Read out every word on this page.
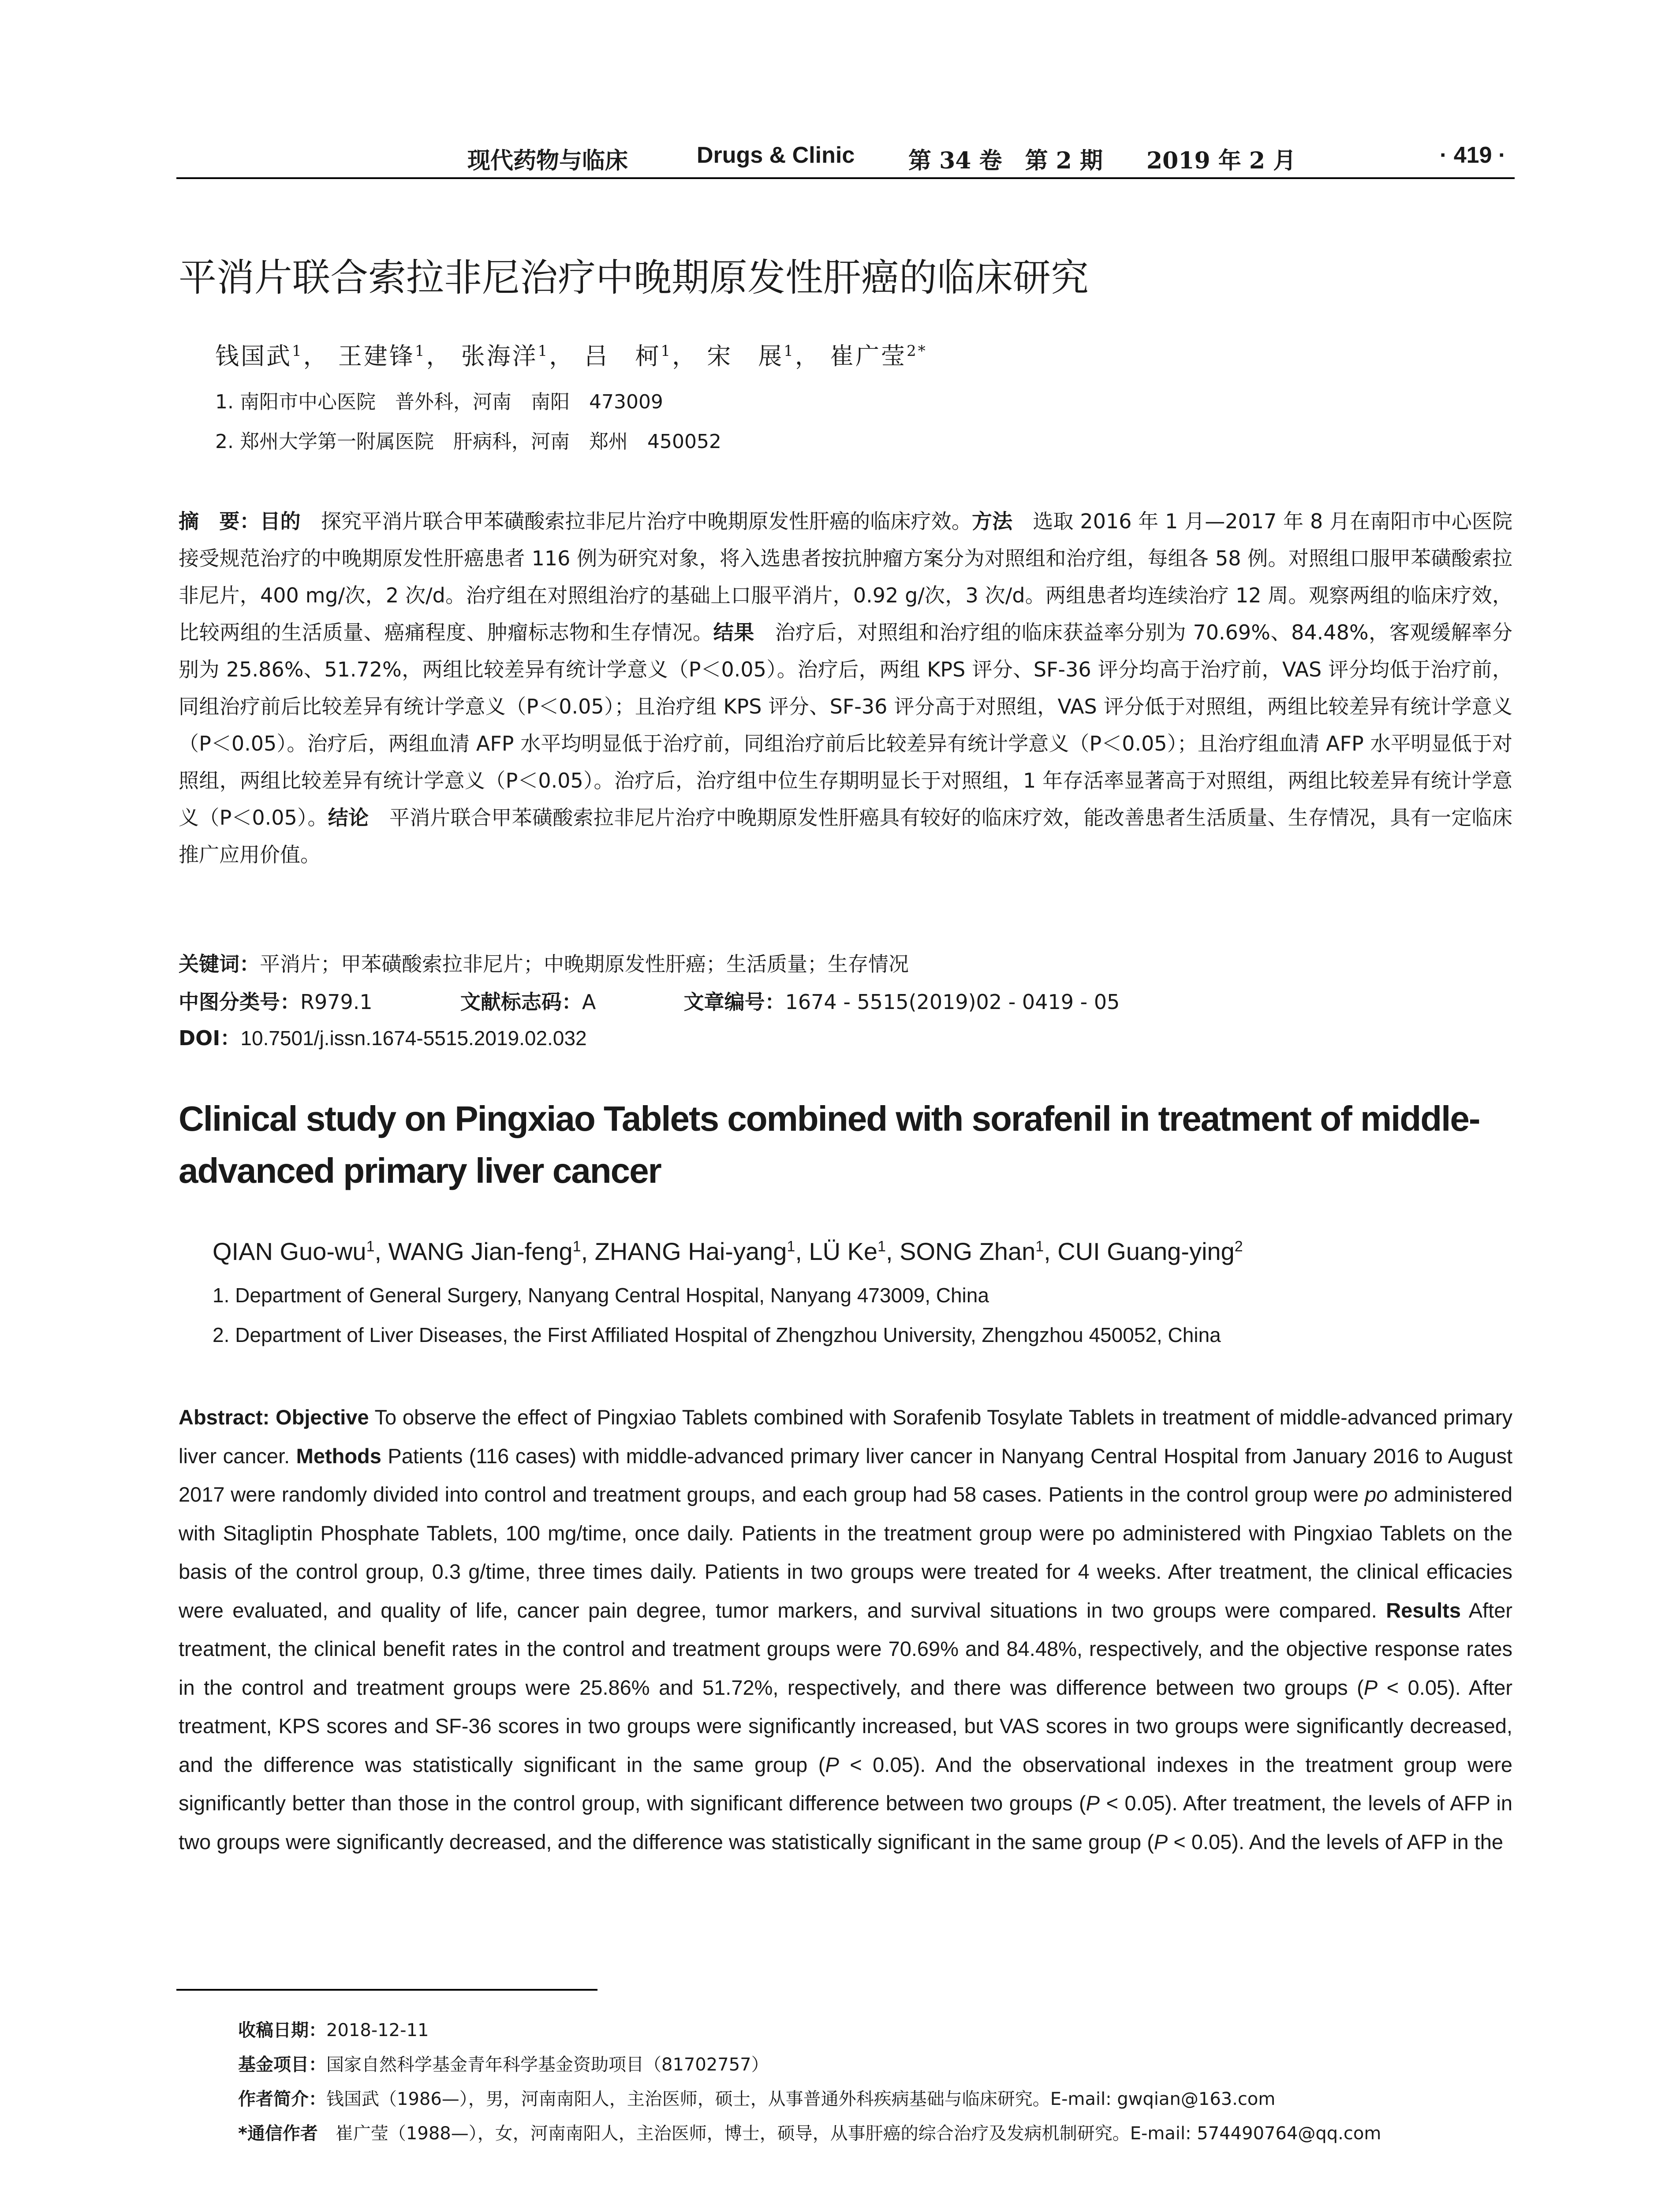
现代药物与临床	Drugs & Clinic 第 34 卷　第 2 期 2019 年 2 月	· 419 ·
平消片联合索拉非尼治疗中晚期原发性肝癌的临床研究
钱国武$^1$， 王建锋$^1$， 张海洋$^1$， 吕　柯$^1$， 宋　展$^1$， 崔广莹$^{2*}$
1. 南阳市中心医院　普外科，河南　南阳　473009
2. 郑州大学第一附属医院　肝病科，河南　郑州　450052
摘　要：目的　探究平消片联合甲苯磺酸索拉非尼片治疗中晚期原发性肝癌的临床疗效。方法　选取 2016 年 1 月—2017 年 8 月在南阳市中心医院接受规范治疗的中晚期原发性肝癌患者 116 例为研究对象，将入选患者按抗肿瘤方案分为对照组和治疗组，每组各 58 例。对照组口服甲苯磺酸索拉非尼片，400 mg/次，2 次/d。治疗组在对照组治疗的基础上口服平消片，0.92 g/次，3 次/d。两组患者均连续治疗 12 周。观察两组的临床疗效，比较两组的生活质量、癌痛程度、肿瘤标志物和生存情况。结果　治疗后，对照组和治疗组的临床获益率分别为 70.69%、84.48%，客观缓解率分别为 25.86%、51.72%，两组比较差异有统计学意义（P＜0.05）。治疗后，两组 KPS 评分、SF-36 评分均高于治疗前，VAS 评分均低于治疗前，同组治疗前后比较差异有统计学意义（P＜0.05）；且治疗组 KPS 评分、SF-36 评分高于对照组，VAS 评分低于对照组，两组比较差异有统计学意义（P＜0.05）。治疗后，两组血清 AFP 水平均明显低于治疗前，同组治疗前后比较差异有统计学意义（P＜0.05）；且治疗组血清 AFP 水平明显低于对照组，两组比较差异有统计学意义（P＜0.05）。治疗后，治疗组中位生存期明显长于对照组，1 年存活率显著高于对照组，两组比较差异有统计学意义（P＜0.05）。结论　平消片联合甲苯磺酸索拉非尼片治疗中晚期原发性肝癌具有较好的临床疗效，能改善患者生活质量、生存情况，具有一定临床推广应用价值。
关键词：平消片；甲苯磺酸索拉非尼片；中晚期原发性肝癌；生活质量；生存情况
中图分类号：R979.1	文献标志码：A	文章编号：1674 - 5515(2019)02 - 0419 - 05
DOI：10.7501/j.issn.1674-5515.2019.02.032
Clinical study on Pingxiao Tablets combined with sorafenil in treatment of middle-advanced primary liver cancer
QIAN Guo-$wu^1$, WANG Jian-feng$^1$, ZHANG Hai-yang$^1$, LÜ Ke$^1$, SONG Zhan$^1$, CUI Guang-ying$^2$
1. Department of General Surgery, Nanyang Central Hospital, Nanyang 473009, China
2. Department of Liver Diseases, the First Affiliated Hospital of Zhengzhou University, Zhengzhou 450052, China
Abstract: Objective To observe the effect of Pingxiao Tablets combined with Sorafenib Tosylate Tablets in treatment of middle-advanced primary liver cancer. Methods Patients (116 cases) with middle-advanced primary liver cancer in Nanyang Central Hospital from January 2016 to August 2017 were randomly divided into control and treatment groups, and each group had 58 cases. Patients in the control group were po administered with Sitagliptin Phosphate Tablets, 100 mg/time, once daily. Patients in the treatment group were po administered with Pingxiao Tablets on the basis of the control group, 0.3 g/time, three times daily. Patients in two groups were treated for 4 weeks. After treatment, the clinical efficacies were evaluated, and quality of life, cancer pain degree, tumor markers, and survival situations in two groups were compared. Results After treatment, the clinical benefit rates in the control and treatment groups were 70.69% and 84.48%, respectively, and the objective response rates in the control and treatment groups were 25.86% and 51.72%, respectively, and there was difference between two groups (P < 0.05). After treatment, KPS scores and SF-36 scores in two groups were significantly increased, but VAS scores in two groups were significantly decreased, and the difference was statistically significant in the same group (P < 0.05). And the observational indexes in the treatment group were significantly better than those in the control group, with significant difference between two groups (P < 0.05). After treatment, the levels of AFP in two groups were significantly decreased, and the difference was statistically significant in the same group (P < 0.05). And the levels of AFP in the
收稿日期：2018-12-11
基金项目：国家自然科学基金青年科学基金资助项目（81702757）
作者简介：钱国武（1986—），男，河南南阳人，主治医师，硕士，从事普通外科疾病基础与临床研究。E-mail: gwqian@163.com
*通信作者　崔广莹（1988—），女，河南南阳人，主治医师，博士，硕导，从事肝癌的综合治疗及发病机制研究。E-mail: 574490764@qq.com
